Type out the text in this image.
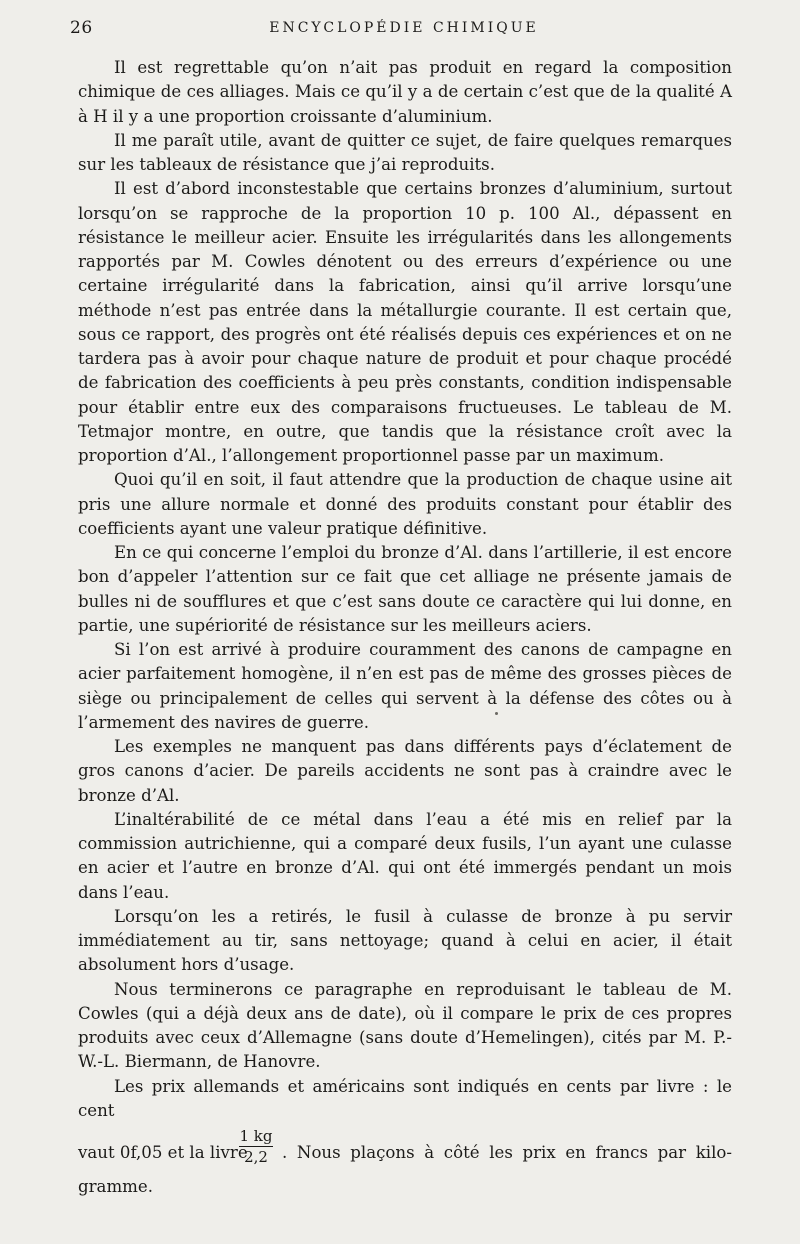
26	ENCYCLOPÉDIE CHIMIQUE

Il est regrettable qu’on n’ait pas produit en regard la composition chimique de ces alliages. Mais ce qu’il y a de certain c’est que de la qualité A à H il y a une proportion croissante d’aluminium.

Il me paraît utile, avant de quitter ce sujet, de faire quelques remarques sur les tableaux de résistance que j’ai reproduits.

Il est d’abord inconstestable que certains bronzes d’aluminium, surtout lorsqu’on se rapproche de la proportion 10 p. 100 Al., dépassent en résistance le meilleur acier. Ensuite les irrégularités dans les allongements rapportés par M. Cowles dénotent ou des erreurs d’expérience ou une certaine irrégularité dans la fabrication, ainsi qu’il arrive lorsqu’une méthode n’est pas entrée dans la métallurgie courante. Il est certain que, sous ce rapport, des progrès ont été réalisés depuis ces expériences et on ne tardera pas à avoir pour chaque nature de produit et pour chaque procédé de fabrication des coefficients à peu près constants, condition indispensable pour établir entre eux des comparaisons fructueuses. Le tableau de M. Tetmajor montre, en outre, que tandis que la résistance croît avec la proportion d’Al., l’allongement proportionnel passe par un maximum.

Quoi qu’il en soit, il faut attendre que la production de chaque usine ait pris une allure normale et donné des produits constant pour établir des coefficients ayant une valeur pratique définitive.

En ce qui concerne l’emploi du bronze d’Al. dans l’artillerie, il est encore bon d’appeler l’attention sur ce fait que cet alliage ne présente jamais de bulles ni de soufflures et que c’est sans doute ce caractère qui lui donne, en partie, une supériorité de résistance sur les meilleurs aciers.

Si l’on est arrivé à produire couramment des canons de campagne en acier parfaitement homogène, il n’en est pas de même des grosses pièces de siège ou principalement de celles qui servent à la défense des côtes ou à l’armement des navires de guerre.

Les exemples ne manquent pas dans différents pays d’éclatement de gros canons d’acier. De pareils accidents ne sont pas à craindre avec le bronze d’Al.

L’inaltérabilité de ce métal dans l’eau a été mis en relief par la commission autrichienne, qui a comparé deux fusils, l’un ayant une culasse en acier et l’autre en bronze d’Al. qui ont été immergés pendant un mois dans l’eau.

Lorsqu’on les a retirés, le fusil à culasse de bronze à pu servir immédiatement au tir, sans nettoyage; quand à celui en acier, il était absolument hors d’usage.

Nous terminerons ce paragraphe en reproduisant le tableau de M. Cowles (qui a déjà deux ans de date), où il compare le prix de ces propres produits avec ceux d’Allemagne (sans doute d’Hemelingen), cités par M. P.-W.-L. Biermann, de Hanovre.

Les prix allemands et américains sont indiqués en cents par livre : le cent

vaut 0f,05 et la livre
$\frac{1 kg}{2,2}$ . Nous plaçons à côté les prix en francs par kilo-
gramme.
